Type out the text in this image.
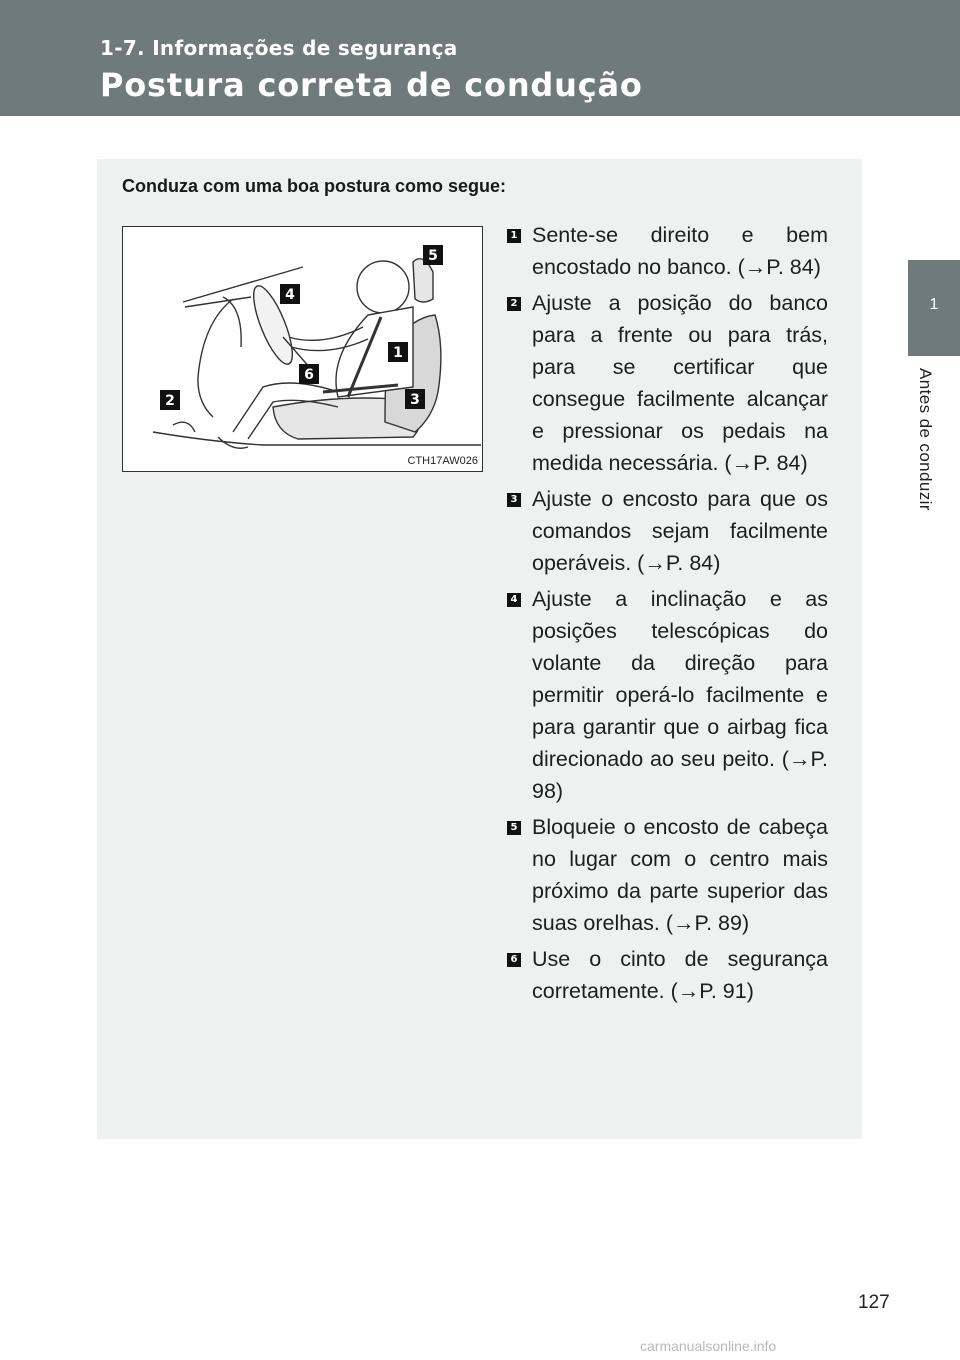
1-7. Informações de segurança
Postura correta de condução
1
Antes de conduzir
Conduza com uma boa postura como segue:
5
4
1
6
2	3
CTH17AW026
1 Sente-se direito e bem encostado no banco. (→P. 84)
2 Ajuste a posição do banco para a frente ou para trás, para se certificar que consegue facilmente alcançar e pressionar os pedais na medida necessária. (→P. 84)
3 Ajuste o encosto para que os comandos sejam facilmente operáveis. (→P. 84)
4 Ajuste a inclinação e as posições telescópicas do volante da direção para permitir operá-lo facilmente e para garantir que o airbag fica direcionado ao seu peito. (→P. 98)
5 Bloqueie o encosto de cabeça no lugar com o centro mais próximo da parte superior das suas orelhas. (→P. 89)
6 Use o cinto de segurança corretamente. (→P. 91)
127
carmanualsonline.info
